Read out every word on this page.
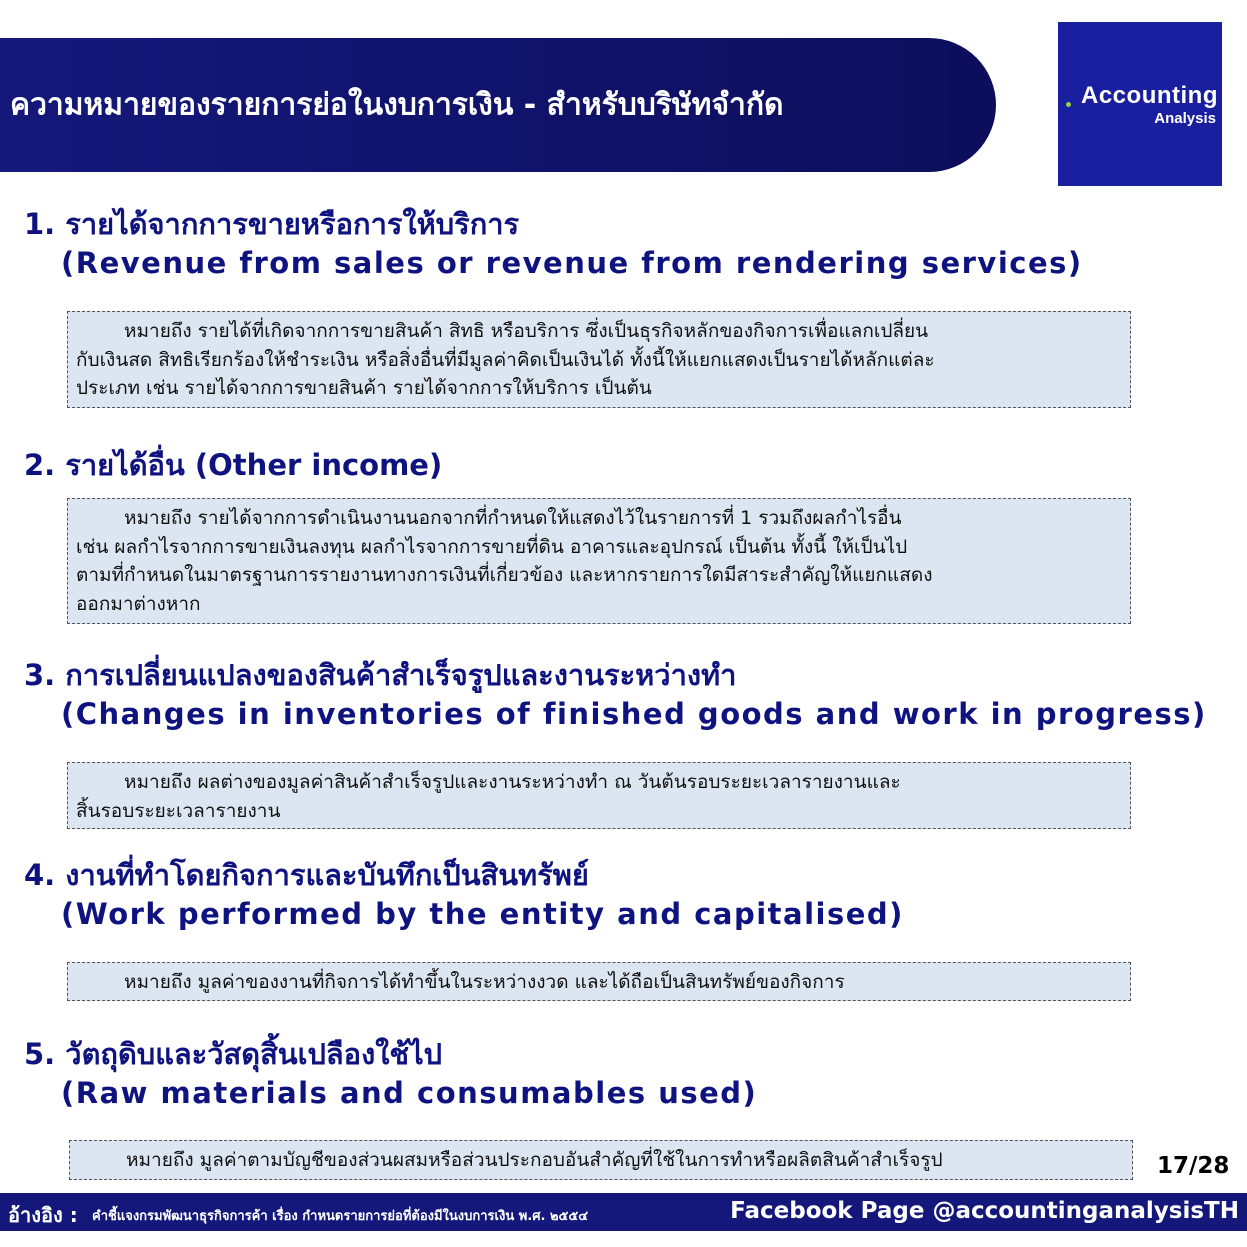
ความหมายของรายการย่อในงบการเงิน - สำหรับบริษัทจำกัด	Accounting
Analysis
1. รายได้จากการขายหรือการให้บริการ
(Revenue from sales or revenue from rendering services)
หมายถึง รายได้ที่เกิดจากการขายสินค้า สิทธิ หรือบริการ ซึ่งเป็นธุรกิจหลักของกิจการเพื่อแลกเปลี่ยน
กับเงินสด สิทธิเรียกร้องให้ชำระเงิน หรือสิ่งอื่นที่มีมูลค่าคิดเป็นเงินได้ ทั้งนี้ให้แยกแสดงเป็นรายได้หลักแต่ละ
ประเภท เช่น รายได้จากการขายสินค้า รายได้จากการให้บริการ เป็นต้น
2. รายได้อื่น (Other income)
หมายถึง รายได้จากการดำเนินงานนอกจากที่กำหนดให้แสดงไว้ในรายการที่ 1 รวมถึงผลกำไรอื่น
เช่น ผลกำไรจากการขายเงินลงทุน ผลกำไรจากการขายที่ดิน อาคารและอุปกรณ์ เป็นต้น ทั้งนี้ ให้เป็นไป
ตามที่กำหนดในมาตรฐานการรายงานทางการเงินที่เกี่ยวข้อง และหากรายการใดมีสาระสำคัญให้แยกแสดง
ออกมาต่างหาก
3. การเปลี่ยนแปลงของสินค้าสำเร็จรูปและงานระหว่างทำ
(Changes in inventories of finished goods and work in progress)
หมายถึง ผลต่างของมูลค่าสินค้าสำเร็จรูปและงานระหว่างทำ ณ วันต้นรอบระยะเวลารายงานและ
สิ้นรอบระยะเวลารายงาน
4. งานที่ทำโดยกิจการและบันทึกเป็นสินทรัพย์
(Work performed by the entity and capitalised)
หมายถึง มูลค่าของงานที่กิจการได้ทำขึ้นในระหว่างงวด และได้ถือเป็นสินทรัพย์ของกิจการ
5. วัตถุดิบและวัสดุสิ้นเปลืองใช้ไป
(Raw materials and consumables used)
หมายถึง มูลค่าตามบัญชีของส่วนผสมหรือส่วนประกอบอันสำคัญที่ใช้ในการทำหรือผลิตสินค้าสำเร็จรูป	17/28
อ้างอิง : คำชี้แจงกรมพัฒนาธุรกิจการค้า เรื่อง กำหนดรายการย่อที่ต้องมีในงบการเงิน พ.ศ. ๒๕๕๔	Facebook Page @accountinganalysisTH
